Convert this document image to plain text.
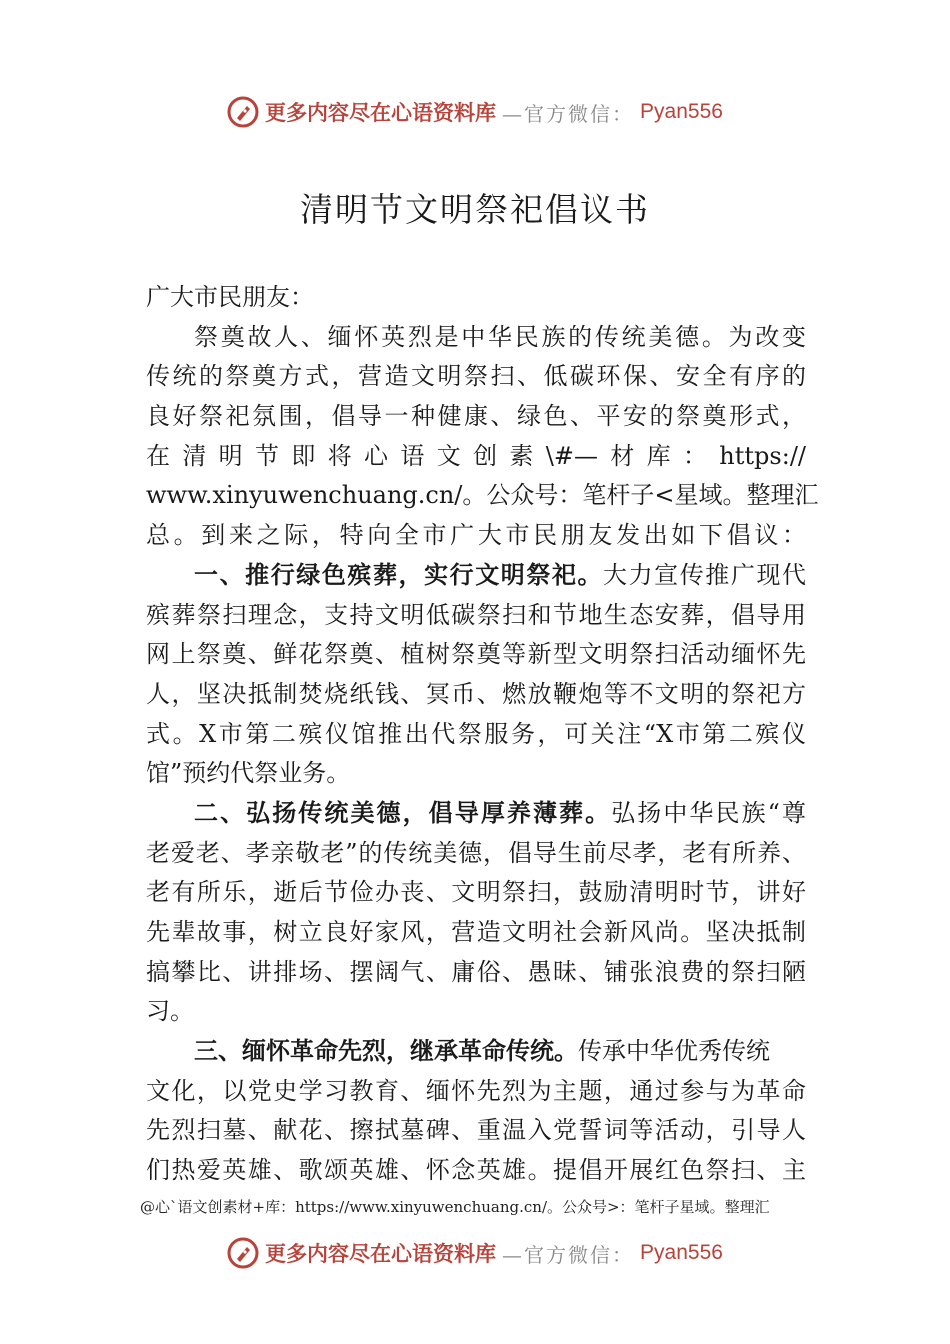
更多内容尽在心语资料库 —官方微信： Pyan556
清明节文明祭祀倡议书
广大市民朋友：
祭奠故人、缅怀英烈是中华民族的传统美德。为改变
传统的祭奠方式，营造文明祭扫、低碳环保、安全有序的
良好祭祀氛围，倡导一种健康、绿色、平安的祭奠形式，
在清明节即将心语文创素\#—材库：https://
www.xinyuwenchuang.cn/。公众号：笔杆子<星域。整理汇
总。到来之际，特向全市广大市民朋友发出如下倡议：
一、推行绿色殡葬，实行文明祭祀。大力宣传推广现代
殡葬祭扫理念，支持文明低碳祭扫和节地生态安葬，倡导用
网上祭奠、鲜花祭奠、植树祭奠等新型文明祭扫活动缅怀先
人，坚决抵制焚烧纸钱、冥币、燃放鞭炮等不文明的祭祀方
式。X市第二殡仪馆推出代祭服务，可关注“X市第二殡仪
馆”预约代祭业务。
二、弘扬传统美德，倡导厚养薄葬。弘扬中华民族“尊
老爱老、孝亲敬老”的传统美德，倡导生前尽孝，老有所养、
老有所乐，逝后节俭办丧、文明祭扫，鼓励清明时节，讲好
先辈故事，树立良好家风，营造文明社会新风尚。坚决抵制
搞攀比、讲排场、摆阔气、庸俗、愚昧、铺张浪费的祭扫陋
习。
三、缅怀革命先烈，继承革命传统。传承中华优秀传统
文化，以党史学习教育、缅怀先烈为主题，通过参与为革命
先烈扫墓、献花、擦拭墓碑、重温入党誓词等活动，引导人
们热爱英雄、歌颂英雄、怀念英雄。提倡开展红色祭扫、主
@心`语文创素材+库：https://www.xinyuwenchuang.cn/。公众号>：笔杆子星域。整理汇
更多内容尽在心语资料库 —官方微信： Pyan556
